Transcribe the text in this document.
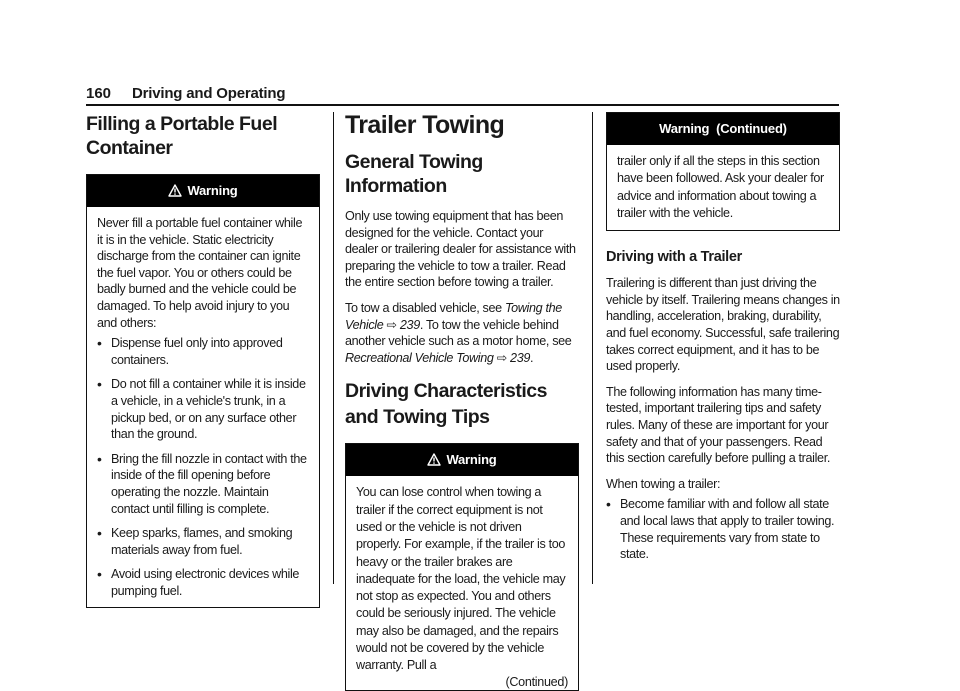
160 Driving and Operating
Filling a Portable Fuel Container
Warning

Never fill a portable fuel container while it is in the vehicle. Static electricity discharge from the container can ignite the fuel vapor. You or others could be badly burned and the vehicle could be damaged. To help avoid injury to you and others:

• Dispense fuel only into approved containers.
• Do not fill a container while it is inside a vehicle, in a vehicle's trunk, in a pickup bed, or on any surface other than the ground.
• Bring the fill nozzle in contact with the inside of the fill opening before operating the nozzle. Maintain contact until filling is complete.
• Keep sparks, flames, and smoking materials away from fuel.
• Avoid using electronic devices while pumping fuel.
Trailer Towing
General Towing Information

Only use towing equipment that has been designed for the vehicle. Contact your dealer or trailering dealer for assistance with preparing the vehicle to tow a trailer. Read the entire section before towing a trailer.

To tow a disabled vehicle, see Towing the Vehicle ⇨ 239. To tow the vehicle behind another vehicle such as a motor home, see Recreational Vehicle Towing ⇨ 239.

Driving Characteristics and Towing Tips
Warning

You can lose control when towing a trailer if the correct equipment is not used or the vehicle is not driven properly. For example, if the trailer is too heavy or the trailer brakes are inadequate for the load, the vehicle may not stop as expected. You and others could be seriously injured. The vehicle may also be damaged, and the repairs would not be covered by the vehicle warranty. Pull a

(Continued)
Warning  (Continued)

trailer only if all the steps in this section have been followed. Ask your dealer for advice and information about towing a trailer with the vehicle.

Driving with a Trailer

Trailering is different than just driving the vehicle by itself. Trailering means changes in handling, acceleration, braking, durability, and fuel economy. Successful, safe trailering takes correct equipment, and it has to be used properly.

The following information has many time-tested, important trailering tips and safety rules. Many of these are important for your safety and that of your passengers. Read this section carefully before pulling a trailer.

When towing a trailer:

• Become familiar with and follow all state and local laws that apply to trailer towing. These requirements vary from state to state.
